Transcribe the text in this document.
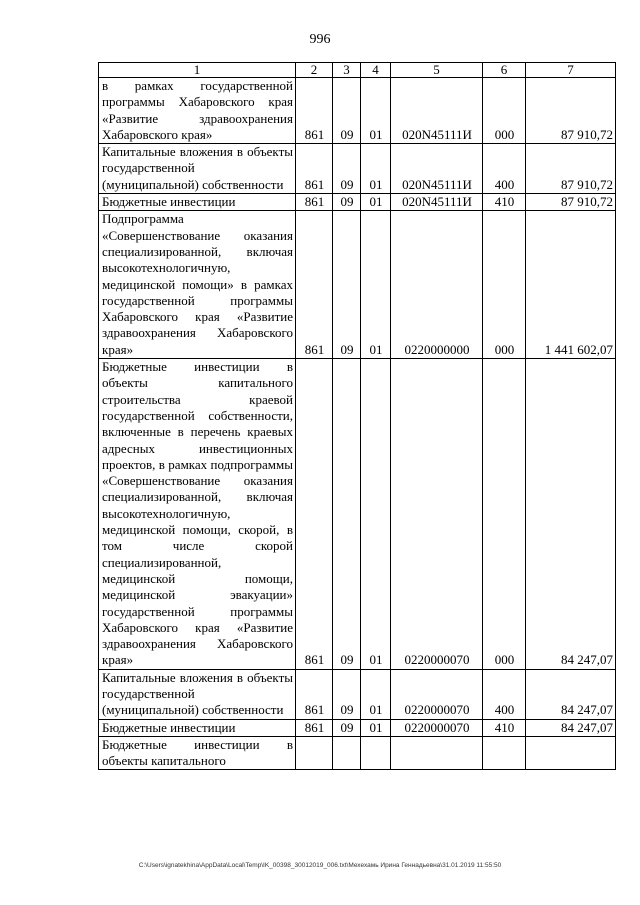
996
1	2	3	4	5	6	7
в рамках государственной программы Хабаровского края «Развитие здравоохранения Хабаровского края»	861	09	01	020N45111И	000	87 910,72
Капитальные вложения в объекты государственной (муниципальной) собственности	861	09	01	020N45111И	400	87 910,72
Бюджетные инвестиции	861	09	01	020N45111И	410	87 910,72
Подпрограмма «Совершенствование оказания специализированной, включая высокотехнологичную, медицинской помощи» в рамках государственной программы Хабаровского края «Развитие здравоохранения Хабаровского края»	861	09	01	0220000000	000	1 441 602,07
Бюджетные инвестиции в объекты капитального строительства краевой государственной собственности, включенные в перечень краевых адресных инвестиционных проектов, в рамках подпрограммы «Совершенствование оказания специализированной, включая высокотехнологичную, медицинской помощи, скорой, в том числе скорой специализированной, медицинской помощи, медицинской эвакуации» государственной программы Хабаровского края «Развитие здравоохранения Хабаровского края»	861	09	01	0220000070	000	84 247,07
Капитальные вложения в объекты государственной (муниципальной) собственности	861	09	01	0220000070	400	84 247,07
Бюджетные инвестиции	861	09	01	0220000070	410	84 247,07
Бюджетные инвестиции в объекты капитального						
C:\Users\ignatekhina\AppData\Local\Temp\IK_00398_30012019_006.txt\Мехехамь Ирина Геннадьевна\31.01.2019 11:55:50
